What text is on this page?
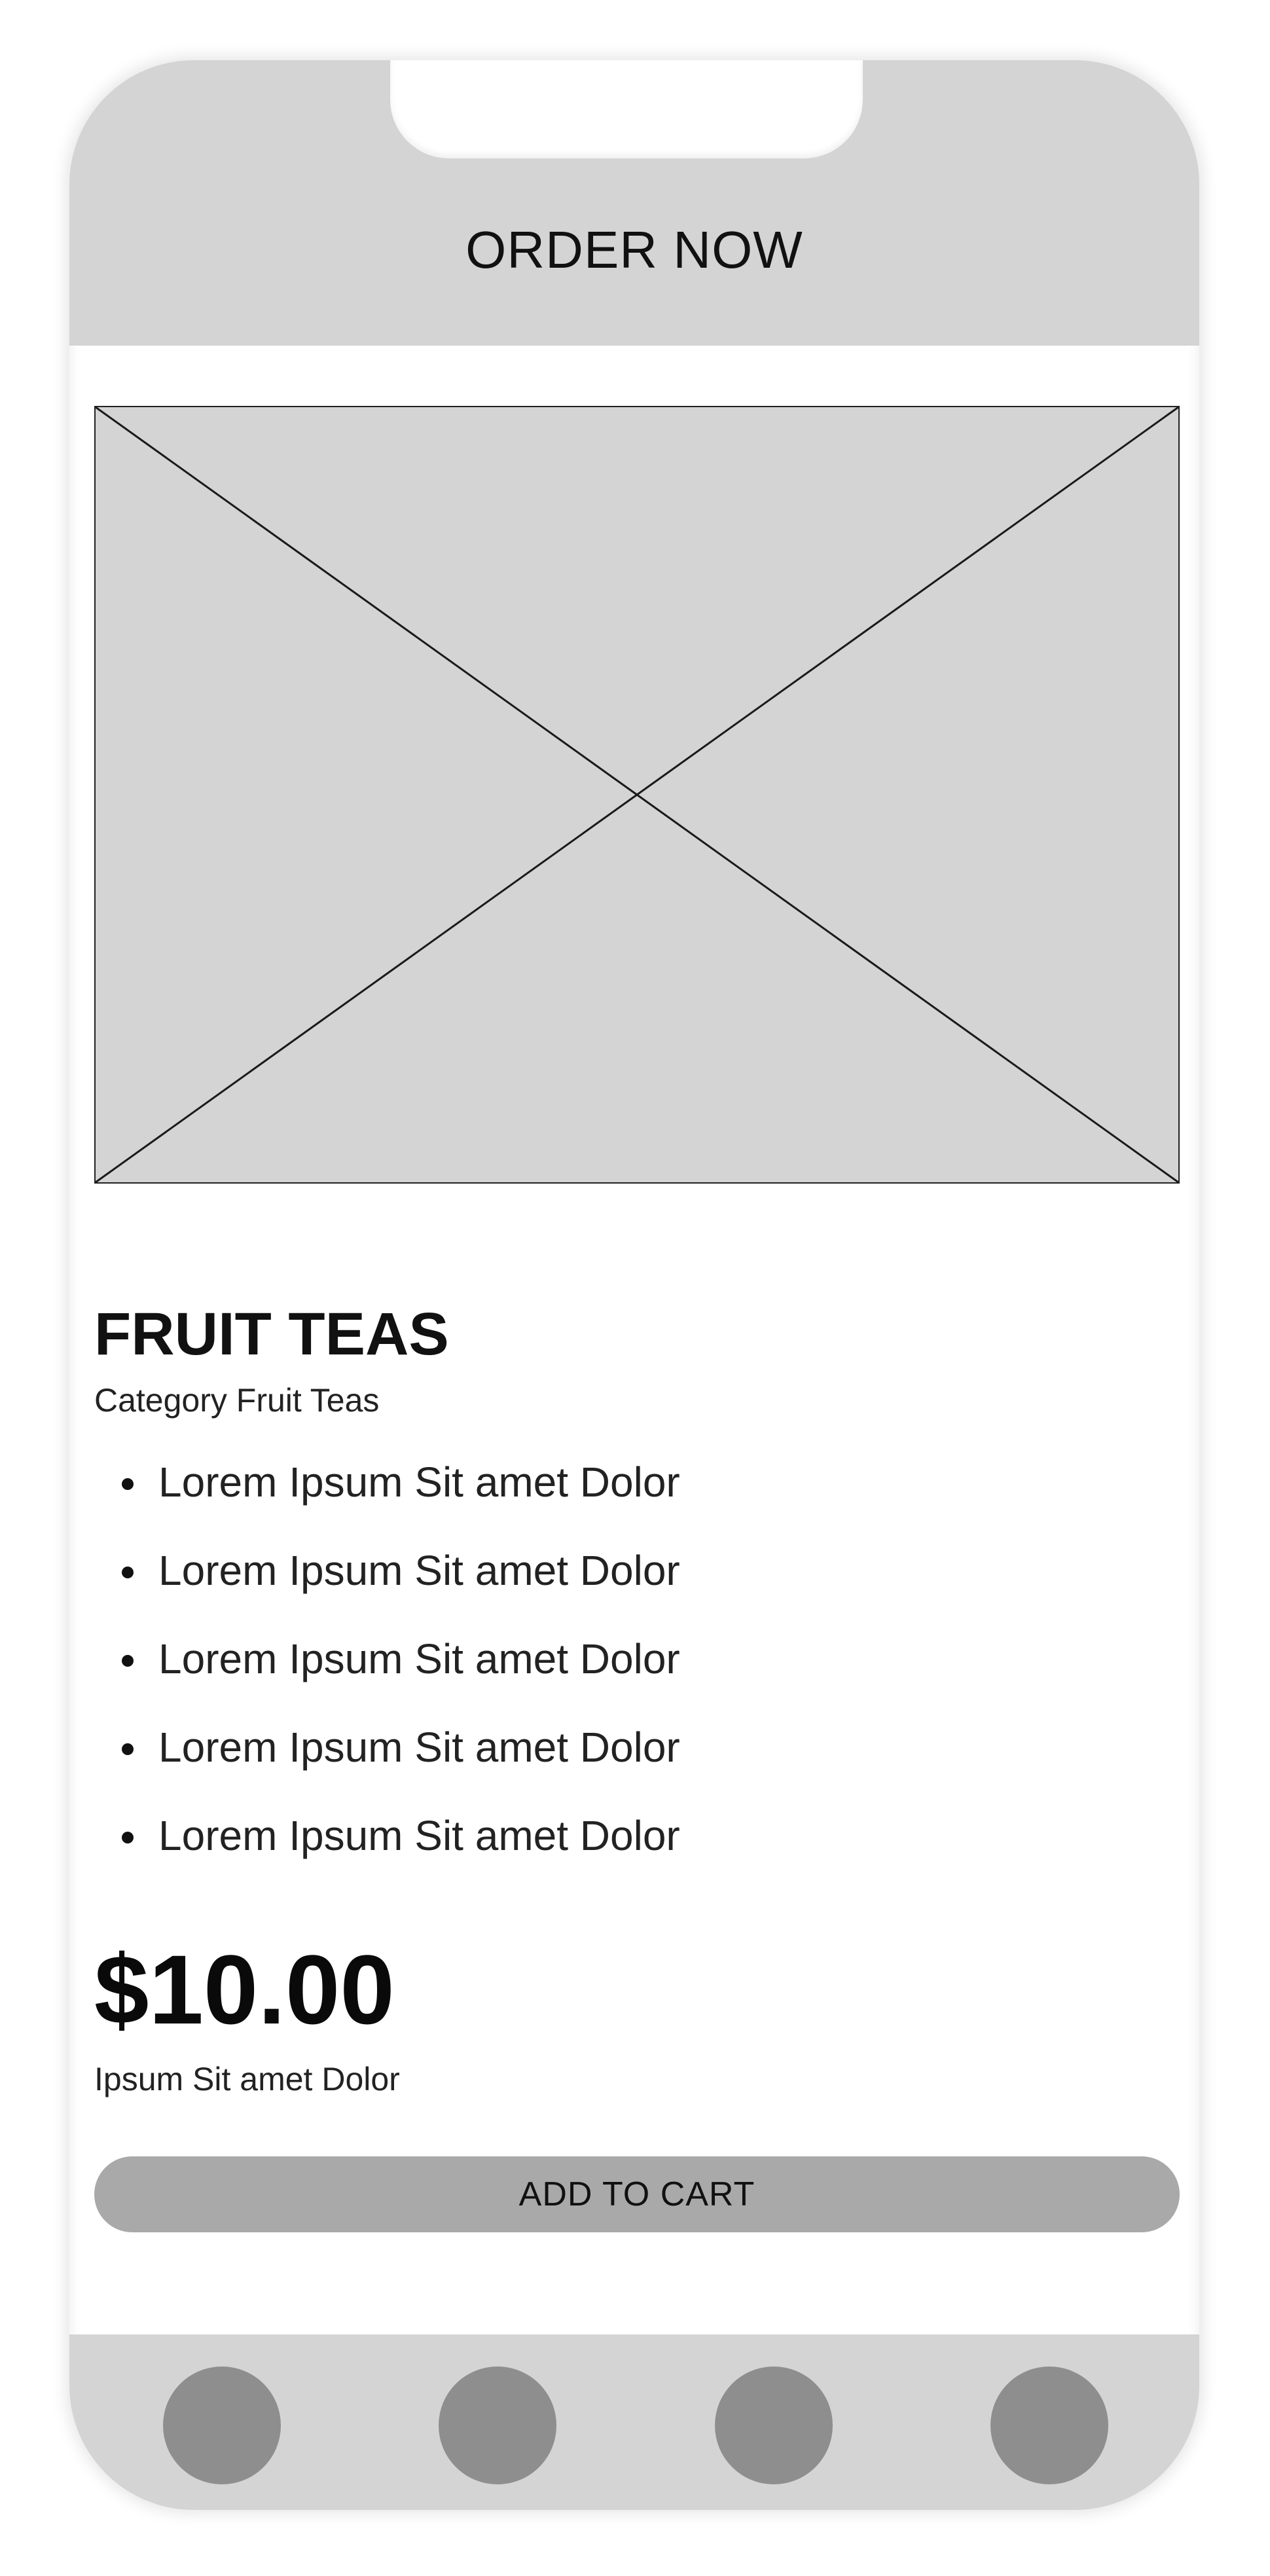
ORDER NOW
FRUIT TEAS
Category Fruit Teas
Lorem Ipsum Sit amet Dolor
Lorem Ipsum Sit amet Dolor
Lorem Ipsum Sit amet Dolor
Lorem Ipsum Sit amet Dolor
Lorem Ipsum Sit amet Dolor
$10.00
Ipsum Sit amet Dolor
ADD TO CART
